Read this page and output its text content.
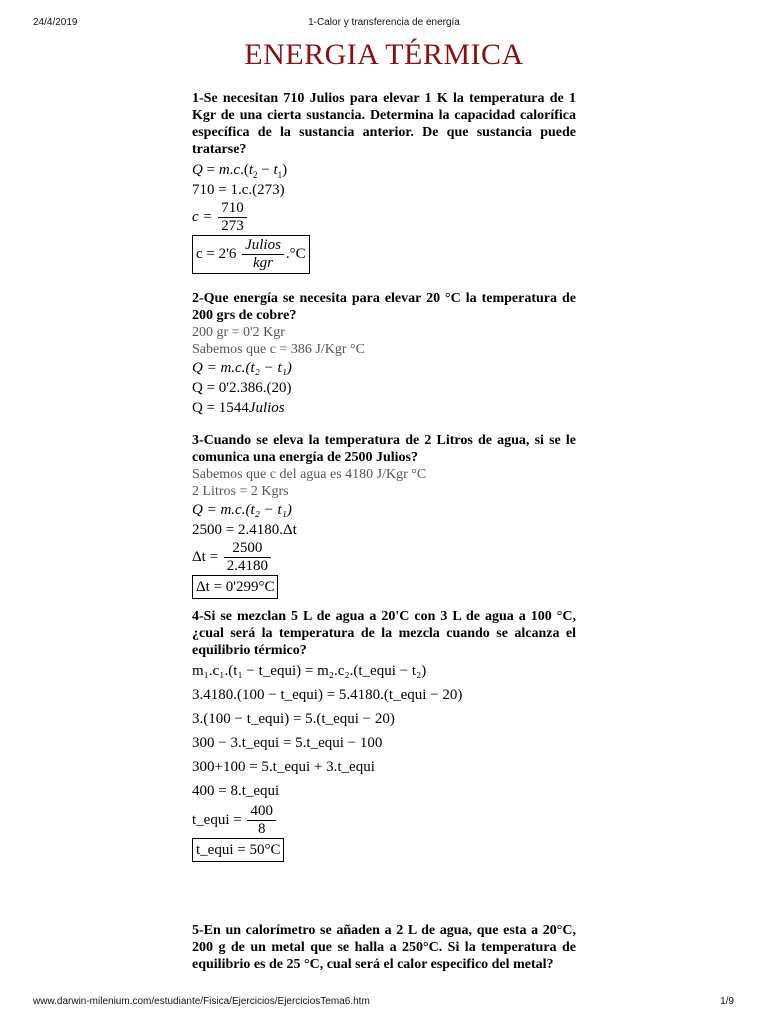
24/4/2019	1-Calor y transferencia de energía
ENERGIA TÉRMICA

1-Se necesitan 710 Julios para elevar 1 K la temperatura de 1 Kgr de una cierta sustancia. Determina la capacidad calorífica específica de la sustancia anterior. De que sustancia puede tratarse?

$Q = m.c.(t_2 - t_1)$

710 = 1.c.(273)

$c = \frac{710}{273}$

$c = 2'6 \frac{\text{Julios}}{\text{kgr}} .^\circ C$

2-Que energía se necesita para elevar 20 °C la temperatura de 200 grs de cobre?

200 gr = 0'2 Kgr

Sabemos que c = 386 J/Kgr °C

Q = m.c.(t₂ − t₁)

Q = 0'2.386.(20)

Q = 1544Julios

3-Cuando se eleva la temperatura de 2 Litros de agua, si se le comunica una energía de 2500 Julios?

Sabemos que c del agua es 4180 J/Kgr °C

2 Litros = 2 Kgrs

Q = m.c.(t₂ − t₁)

2500 = 2.4180.Δt

$\Delta t = \frac{2500}{2.4180}$

Δt = 0'299°C

4-Si se mezclan 5 L de agua a 20'C con 3 L de agua a 100 °C, ¿cual será la temperatura de la mezcla cuando se alcanza el equilibrio térmico?

m₁.c₁.(t₁ − t_equi) = m₂.c₂.(t_equi − t₂)

3.4180.(100 − t_equi) = 5.4180.(t_equi − 20)

3.(100 − t_equi) = 5.(t_equi − 20)

300 − 3.t_equi = 5.t_equi − 100

300+100 = 5.t_equi + 3.t_equi

400 = 8.t_equi

t_equi = $\frac{400}{8}$

t_equi = 50°C

5-En un calorímetro se añaden a 2 L de agua, que esta a 20°C, 200 g de un metal que se halla a 250°C. Si la temperatura de equilibrio es de 25 °C, cual será el calor especifico del metal?

www.darwin-milenium.com/estudiante/Fisica/Ejercicios/EjerciciosTema6.htm	1/9
